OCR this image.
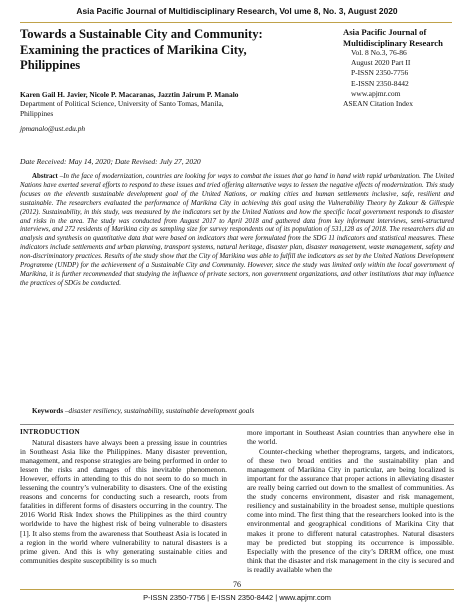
Asia Pacific Journal of Multidisciplinary Research, Vol ume 8, No. 3, August 2020
Towards a Sustainable City and Community: Examining the practices of Marikina City, Philippines
Asia Pacific Journal of Multidisciplinary Research
Vol. 8 No.3, 76-86
August 2020 Part II
P-ISSN 2350-7756
E-ISSN 2350-8442
www.apjmr.com
ASEAN Citation Index
Karen Gail H. Javier, Nicole P. Macaranas, Jazztin Jairum P. Manalo
Department of Political Science, University of Santo Tomas, Manila,
Philippines
jpmanalo@ust.edu.ph
Date Received: May 14, 2020; Date Revised: July 27, 2020
Abstract –In the face of modernization, countries are looking for ways to combat the issues that go hand in hand with rapid urbanization. The United Nations have exerted several efforts to respond to these issues and tried offering alternative ways to lessen the negative effects of modernization. This study focuses on the eleventh sustainable development goal of the United Nations, or making cities and human settlements inclusive, safe, resilient and sustainable. The researchers evaluated the performance of Marikina City in achieving this goal using the Vulnerability Theory by Zakour & Gillespie (2012). Sustainability, in this study, was measured by the indicators set by the United Nations and how the specific local government responds to disaster and risks in the area. The study was conducted from August 2017 to April 2018 and gathered data from key informant interviews, semi-structured interviews, and 272 residents of Marikina city as sampling size for survey respondents out of its population of 531,128 as of 2018. The researchers did an analysis and synthesis on quantitative data that were based on indicators that were formulated from the SDG 11 indicators and statistical measures. These indicators include settlements and urban planning, transport systems, natural heritage, disaster plan, disaster management, waste management, safety and non-discriminatory practices. Results of the study show that the City of Marikina was able to fulfill the indicators as set by the United Nations Development Programme (UNDP) for the achievement of a Sustainable City and Community. However, since the study was limited only within the local government of Marikina, it is further recommended that studying the influence of private sectors, non government organizations, and other institutions that may influence the practices of SDGs be conducted.
Keywords –disaster resiliency, sustainability, sustainable development goals
INTRODUCTION

Natural disasters have always been a pressing issue in countries in Southeast Asia like the Philippines. Many disaster prevention, management, and response strategies are being performed in order to lessen the risks and damages of this inevitable phenomenon. However, efforts in attending to this do not seem to do so much in lessening the country’s vulnerability to disasters. One of the existing reasons and concerns for conducting such a research, roots from fatalities in different forms of disasters occurring in the country. The 2016 World Risk Index shows the Philippines as the third country worldwide to have the highest risk of being vulnerable to disasters [1]. It also stems from the awareness that Southeast Asia is located in a region in the world where vulnerability to natural disasters is a prime given. And this is why generating sustainable cities and communities despite susceptibility is so much

more important in Southeast Asian countries than anywhere else in the world.

Counter-checking whether theprograms, targets, and indicators, of these two broad entities and the sustainability plan and management of Marikina City in particular, are being localized is important for the assurance that proper actions in alleviating disaster are really being carried out down to the smallest of communities. As the study concerns environment, disaster and risk management, resiliency and sustainability in the broadest sense, multiple questions come into mind. The first thing that the researchers looked into is the environmental and geographical conditions of Marikina City that makes it prone to different natural catastrophes. Natural disasters may be predicted but stopping its occurrence is impossible. Especially with the presence of the city’s DRRM office, one must think that the disaster and risk management in the city is secured and is readily available when the

76
P-ISSN 2350-7756 | E-ISSN 2350-8442 | www.apjmr.com
